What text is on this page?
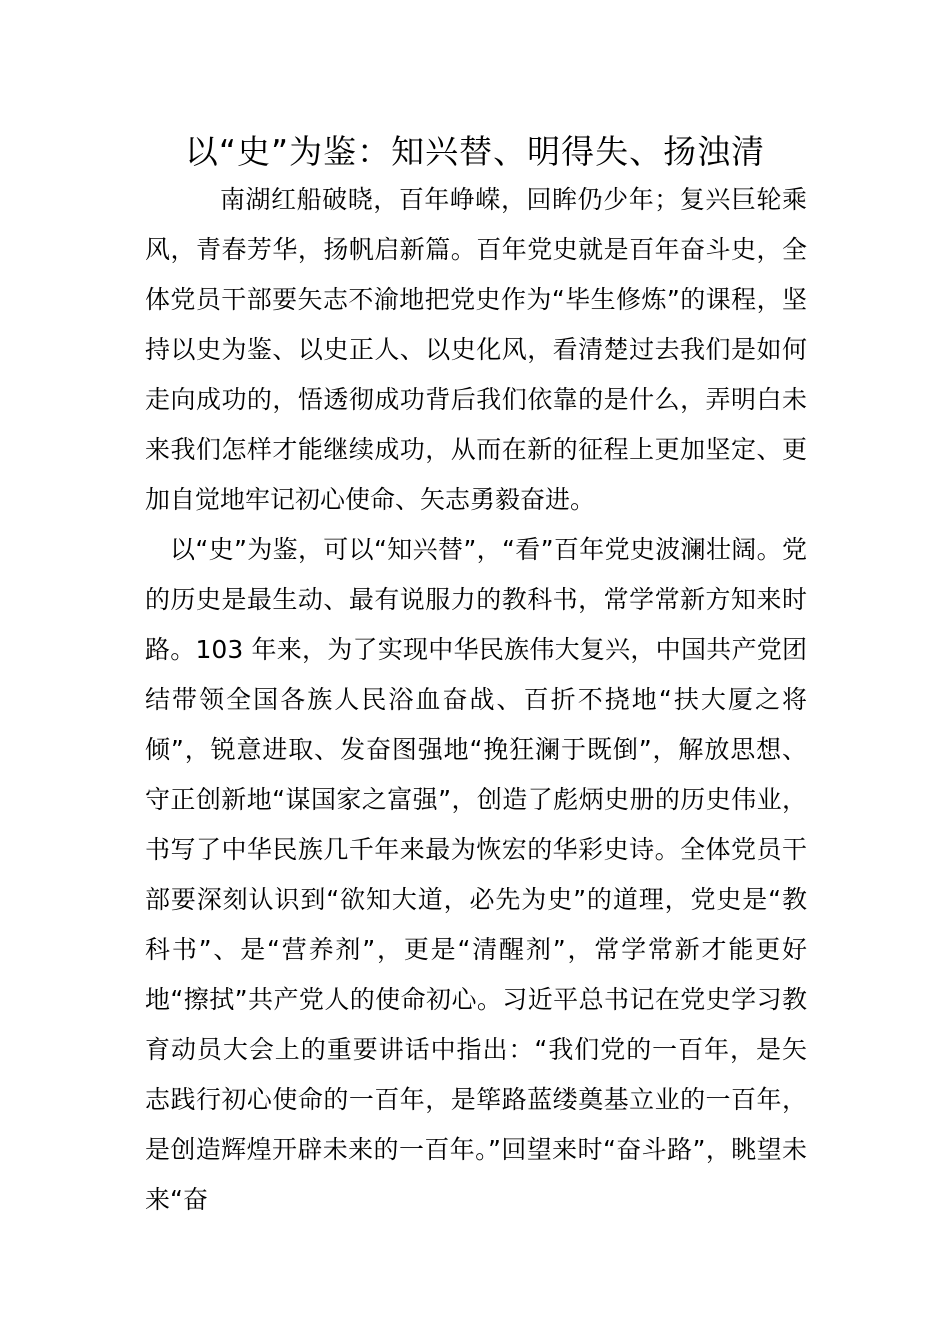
以“史”为鉴：知兴替、明得失、扬浊清

南湖红船破晓，百年峥嵘，回眸仍少年；复兴巨轮乘风，青春芳华，扬帆启新篇。百年党史就是百年奋斗史，全体党员干部要矢志不渝地把党史作为“毕生修炼”的课程，坚持以史为鉴、以史正人、以史化风，看清楚过去我们是如何走向成功的，悟透彻成功背后我们依靠的是什么，弄明白未来我们怎样才能继续成功，从而在新的征程上更加坚定、更加自觉地牢记初心使命、矢志勇毅奋进。

以“史”为鉴，可以“知兴替”，“看”百年党史波澜壮阔。党的历史是最生动、最有说服力的教科书，常学常新方知来时路。103 年来，为了实现中华民族伟大复兴，中国共产党团结带领全国各族人民浴血奋战、百折不挠地“扶大厦之将倾”，锐意进取、发奋图强地“挽狂澜于既倒”，解放思想、守正创新地“谋国家之富强”，创造了彪炳史册的历史伟业，书写了中华民族几千年来最为恢宏的华彩史诗。全体党员干部要深刻认识到“欲知大道，必先为史”的道理，党史是“教科书”、是“营养剂”，更是“清醒剂”，常学常新才能更好地“擦拭”共产党人的使命初心。习近平总书记在党史学习教育动员大会上的重要讲话中指出：“我们党的一百年，是矢志践行初心使命的一百年，是筚路蓝缕奠基立业的一百年，是创造辉煌开辟未来的一百年。”回望来时“奋斗路”，眺望未来“奋
